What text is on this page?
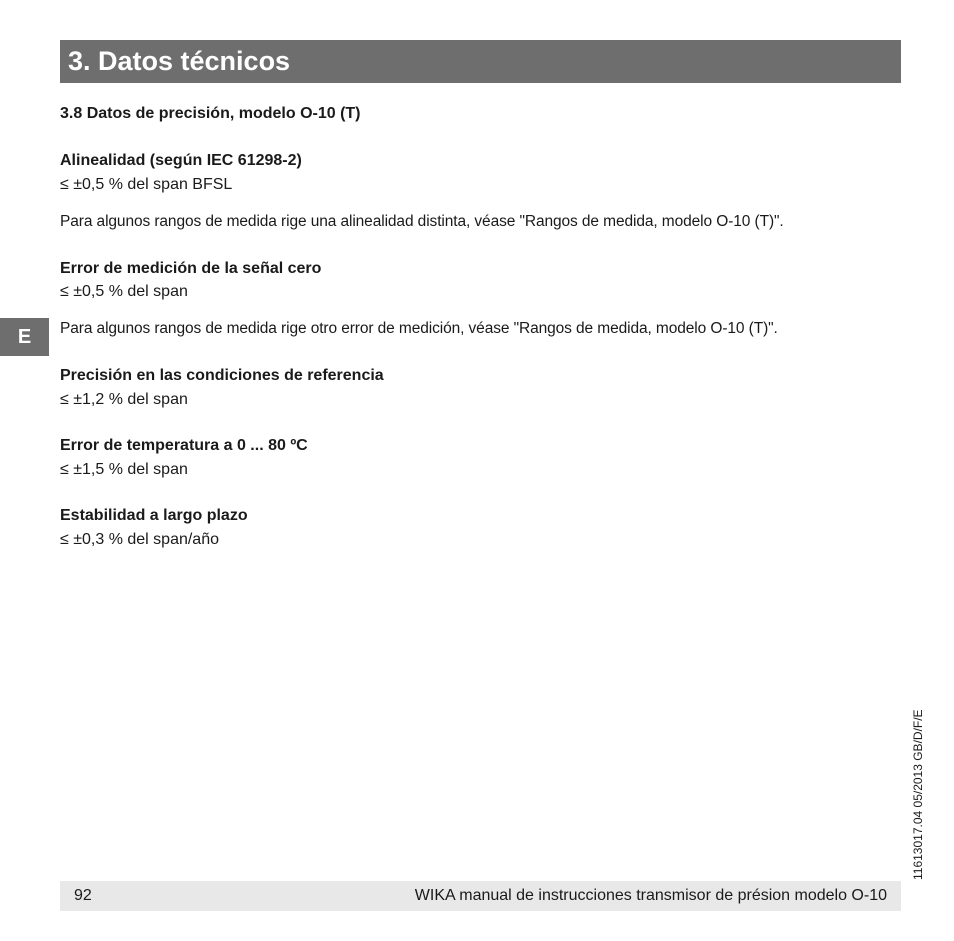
3. Datos técnicos
3.8 Datos de precisión, modelo O-10 (T)
Alinealidad (según IEC 61298-2)
≤ ±0,5 % del span BFSL
Para algunos rangos de medida rige una alinealidad distinta, véase "Rangos de medida, modelo O-10 (T)".
Error de medición de la señal cero
≤ ±0,5 % del span
Para algunos rangos de medida rige otro error de medición, véase "Rangos de medida, modelo O-10 (T)".
Precisión en las condiciones de referencia
≤ ±1,2 % del span
Error de temperatura a 0 ... 80 ºC
≤ ±1,5 % del span
Estabilidad a largo plazo
≤ ±0,3 % del span/año
E
11613017.04 05/2013 GB/D/F/E
92	WIKA manual de instrucciones transmisor de présion modelo O-10
